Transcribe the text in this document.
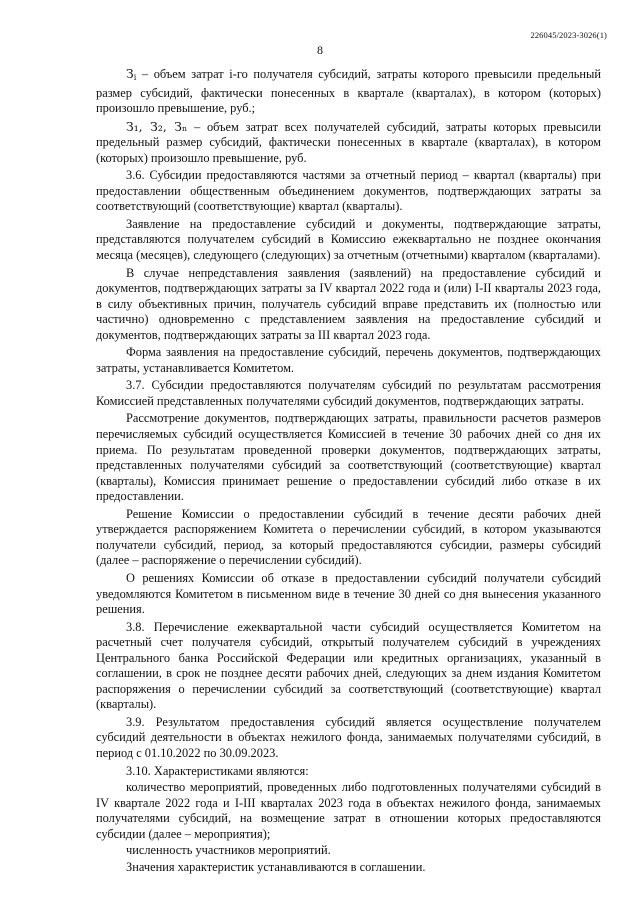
226045/2023-3026(1)
8

$З_i$ – объем затрат i-го получателя субсидий, затраты которого превысили предельный размер субсидий, фактически понесенных в квартале (кварталах), в котором (которых) произошло превышение, руб.;

З₁, З₂, Зₙ – объем затрат всех получателей субсидий, затраты которых превысили предельный размер субсидий, фактически понесенных в квартале (кварталах), в котором (которых) произошло превышение, руб.

3.6. Субсидии предоставляются частями за отчетный период – квартал (кварталы) при предоставлении общественным объединением документов, подтверждающих затраты за соответствующий (соответствующие) квартал (кварталы).

Заявление на предоставление субсидий и документы, подтверждающие затраты, представляются получателем субсидий в Комиссию ежеквартально не позднее окончания месяца (месяцев), следующего (следующих) за отчетным (отчетными) кварталом (кварталами).

В случае непредставления заявления (заявлений) на предоставление субсидий и документов, подтверждающих затраты за IV квартал 2022 года и (или) I-II кварталы 2023 года, в силу объективных причин, получатель субсидий вправе представить их (полностью или частично) одновременно с представлением заявления на предоставление субсидий и документов, подтверждающих затраты за III квартал 2023 года.

Форма заявления на предоставление субсидий, перечень документов, подтверждающих затраты, устанавливается Комитетом.

3.7. Субсидии предоставляются получателям субсидий по результатам рассмотрения Комиссией представленных получателями субсидий документов, подтверждающих затраты.

Рассмотрение документов, подтверждающих затраты, правильности расчетов размеров перечисляемых субсидий осуществляется Комиссией в течение 30 рабочих дней со дня их приема. По результатам проведенной проверки документов, подтверждающих затраты, представленных получателями субсидий за соответствующий (соответствующие) квартал (кварталы), Комиссия принимает решение о предоставлении субсидий либо отказе в их предоставлении.

Решение Комиссии о предоставлении субсидий в течение десяти рабочих дней утверждается распоряжением Комитета о перечислении субсидий, в котором указываются получатели субсидий, период, за который предоставляются субсидии, размеры субсидий (далее – распоряжение о перечислении субсидий).

О решениях Комиссии об отказе в предоставлении субсидий получатели субсидий уведомляются Комитетом в письменном виде в течение 30 дней со дня вынесения указанного решения.

3.8. Перечисление ежеквартальной части субсидий осуществляется Комитетом на расчетный счет получателя субсидий, открытый получателем субсидий в учреждениях Центрального банка Российской Федерации или кредитных организациях, указанный в соглашении, в срок не позднее десяти рабочих дней, следующих за днем издания Комитетом распоряжения о перечислении субсидий за соответствующий (соответствующие) квартал (кварталы).

3.9. Результатом предоставления субсидий является осуществление получателем субсидий деятельности в объектах нежилого фонда, занимаемых получателями субсидий, в период с 01.10.2022 по 30.09.2023.

3.10. Характеристиками являются:

количество мероприятий, проведенных либо подготовленных получателями субсидий в IV квартале 2022 года и I-III кварталах 2023 года в объектах нежилого фонда, занимаемых получателями субсидий, на возмещение затрат в отношении которых предоставляются субсидии (далее – мероприятия);

численность участников мероприятий.

Значения характеристик устанавливаются в соглашении.
